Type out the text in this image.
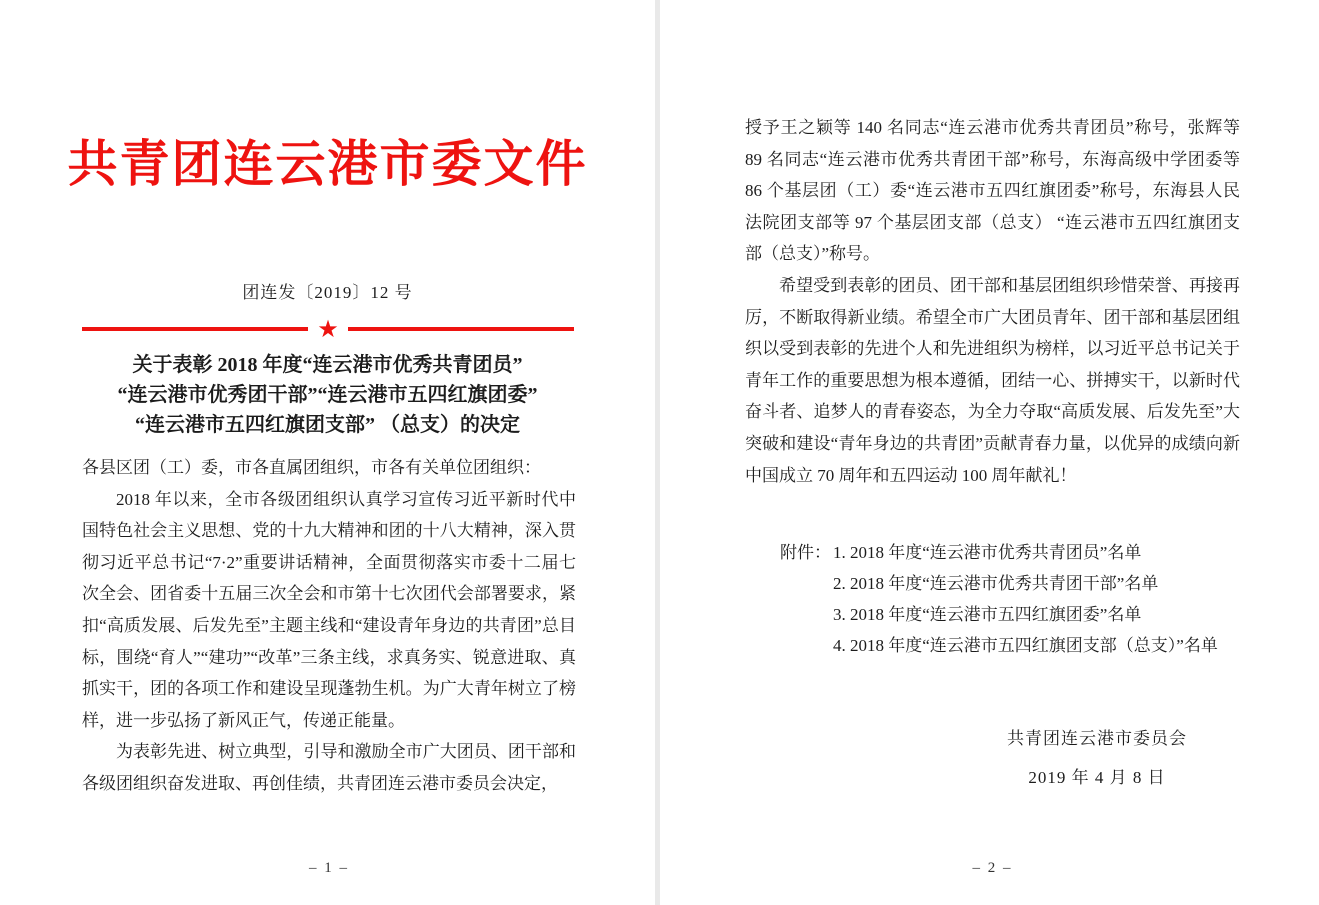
共青团连云港市委文件
团连发〔2019〕12 号
★
关于表彰 2018 年度“连云港市优秀共青团员”
“连云港市优秀团干部”“连云港市五四红旗团委”
“连云港市五四红旗团支部” （总支）的决定

各县区团（工）委，市各直属团组织，市各有关单位团组织：

2018 年以来，全市各级团组织认真学习宣传习近平新时代中国特色社会主义思想、党的十九大精神和团的十八大精神，深入贯彻习近平总书记“7·2”重要讲话精神，全面贯彻落实市委十二届七次全会、团省委十五届三次全会和市第十七次团代会部署要求，紧扣“高质发展、后发先至”主题主线和“建设青年身边的共青团”总目标，围绕“育人”“建功”“改革”三条主线，求真务实、锐意进取、真抓实干，团的各项工作和建设呈现蓬勃生机。为广大青年树立了榜样，进一步弘扬了新风正气，传递正能量。

为表彰先进、树立典型，引导和激励全市广大团员、团干部和各级团组织奋发进取、再创佳绩，共青团连云港市委员会决定，

– 1 –

授予王之颖等 140 名同志“连云港市优秀共青团员”称号，张辉等 89 名同志“连云港市优秀共青团干部”称号，东海高级中学团委等 86 个基层团（工）委“连云港市五四红旗团委”称号，东海县人民法院团支部等 97 个基层团支部（总支） “连云港市五四红旗团支部（总支）”称号。

希望受到表彰的团员、团干部和基层团组织珍惜荣誉、再接再厉，不断取得新业绩。希望全市广大团员青年、团干部和基层团组织以受到表彰的先进个人和先进组织为榜样，以习近平总书记关于青年工作的重要思想为根本遵循，团结一心、拼搏实干，以新时代奋斗者、追梦人的青春姿态，为全力夺取“高质发展、后发先至”大突破和建设“青年身边的共青团”贡献青春力量，以优异的成绩向新中国成立 70 周年和五四运动 100 周年献礼！

附件： 1. 2018 年度“连云港市优秀共青团员”名单
2. 2018 年度“连云港市优秀共青团干部”名单
3. 2018 年度“连云港市五四红旗团委”名单
4. 2018 年度“连云港市五四红旗团支部（总支）”名单
共青团连云港市委员会
2019 年 4 月 8 日
– 2 –
